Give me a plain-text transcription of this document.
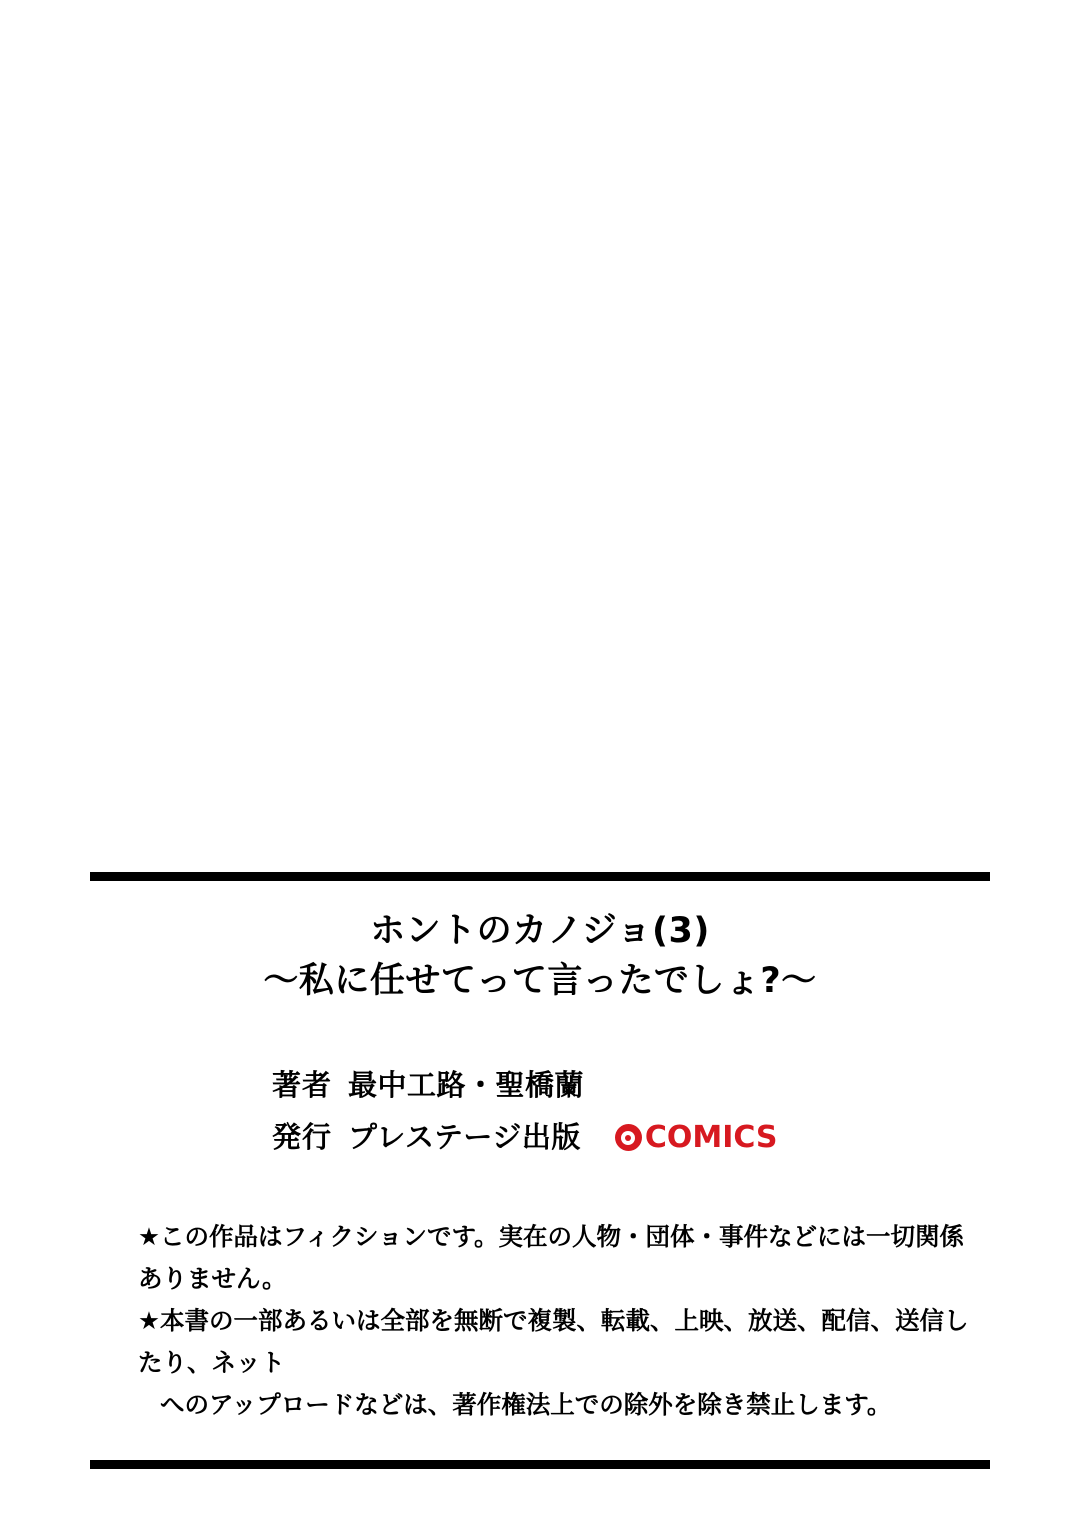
ホントのカノジョ(3)
～私に任せてって言ったでしょ?～
著者 最中工路・聖橋蘭
発行 プレステージ出版 COMICS
★この作品はフィクションです。実在の人物・団体・事件などには一切関係ありません。
★本書の一部あるいは全部を無断で複製、転載、上映、放送、配信、送信したり、ネット
へのアップロードなどは、著作権法上での除外を除き禁止します。
